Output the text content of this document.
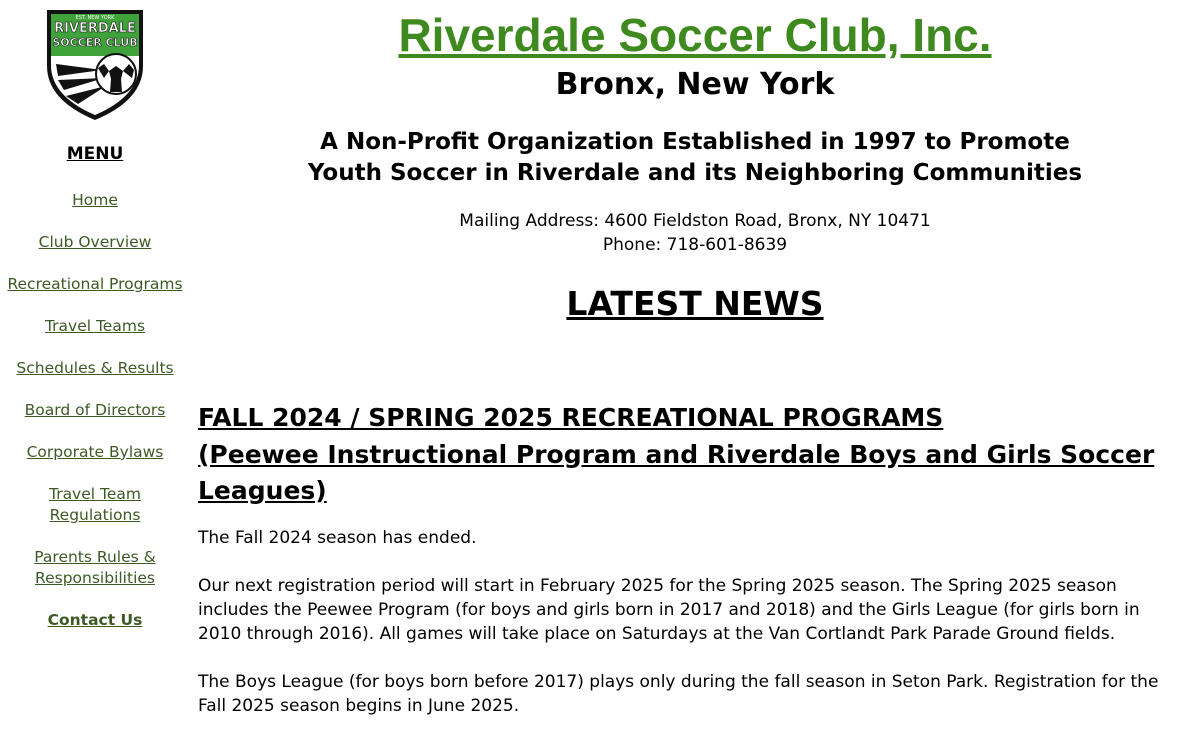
EST. NEW YORK
RIVERDALE
SOCCER CLUB
MENU
Home
Club Overview
Recreational Programs
Travel Teams
Schedules & Results
Board of Directors
Corporate Bylaws
Travel Team
Regulations
Parents Rules &
Responsibilities
Contact Us
Riverdale Soccer Club, Inc.
Bronx, New York
A Non-Profit Organization Established in 1997 to Promote
Youth Soccer in Riverdale and its Neighboring Communities
Mailing Address: 4600 Fieldston Road, Bronx, NY 10471
Phone: 718-601-8639
LATEST NEWS
FALL 2024 / SPRING 2025 RECREATIONAL PROGRAMS
(Peewee Instructional Program and Riverdale Boys and Girls Soccer
Leagues)

The Fall 2024 season has ended.

Our next registration period will start in February 2025 for the Spring 2025 season. The Spring 2025 season includes the Peewee Program (for boys and girls born in 2017 and 2018) and the Girls League (for girls born in 2010 through 2016). All games will take place on Saturdays at the Van Cortlandt Park Parade Ground fields.

The Boys League (for boys born before 2017) plays only during the fall season in Seton Park. Registration for the Fall 2025 season begins in June 2025.
